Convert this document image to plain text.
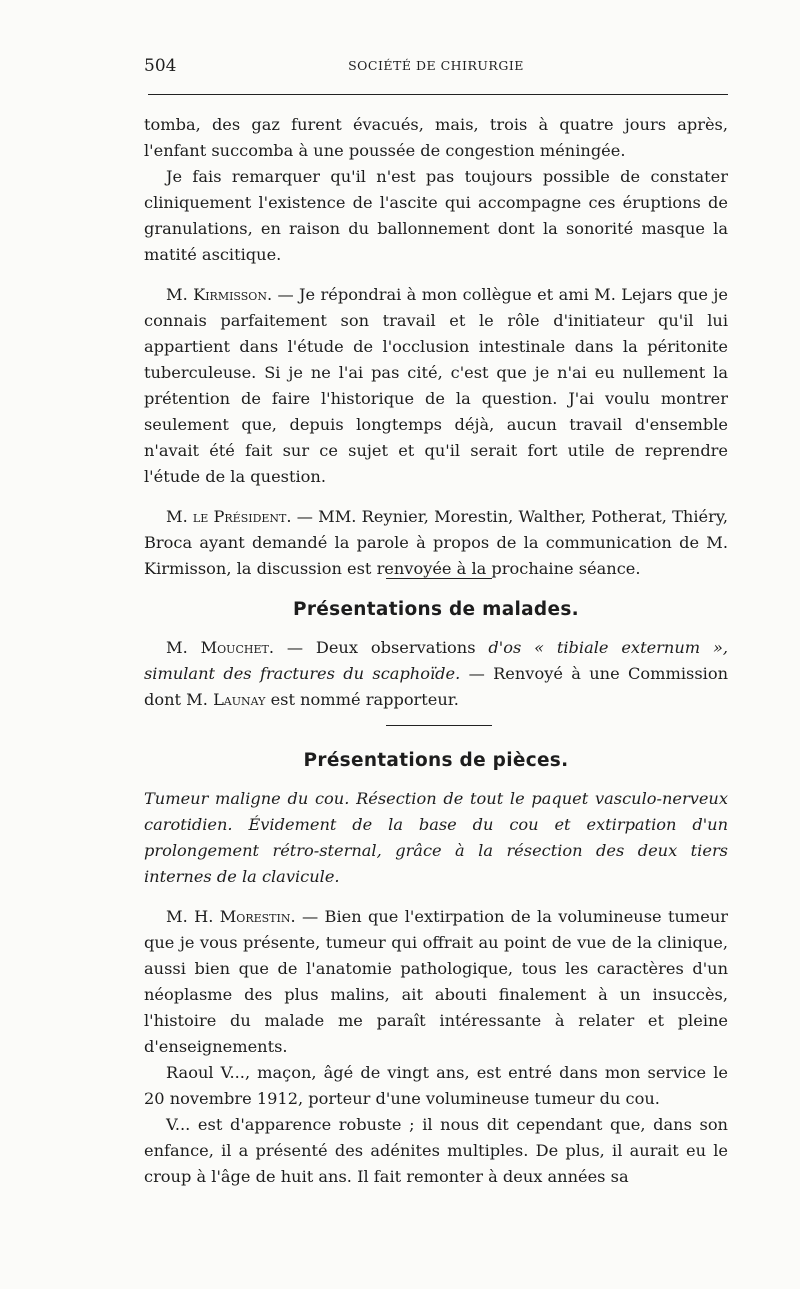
504	SOCIÉTÉ DE CHIRURGIE

tomba, des gaz furent évacués, mais, trois à quatre jours après, l'enfant succomba à une poussée de congestion méningée.

Je fais remarquer qu'il n'est pas toujours possible de constater cliniquement l'existence de l'ascite qui accompagne ces éruptions de granulations, en raison du ballonnement dont la sonorité masque la matité ascitique.

M. Kirmisson. — Je répondrai à mon collègue et ami M. Lejars que je connais parfaitement son travail et le rôle d'initiateur qu'il lui appartient dans l'étude de l'occlusion intestinale dans la péritonite tuberculeuse. Si je ne l'ai pas cité, c'est que je n'ai eu nullement la prétention de faire l'historique de la question. J'ai voulu montrer seulement que, depuis longtemps déjà, aucun travail d'ensemble n'avait été fait sur ce sujet et qu'il serait fort utile de reprendre l'étude de la question.

M. le Président. — MM. Reynier, Morestin, Walther, Potherat, Thiéry, Broca ayant demandé la parole à propos de la communication de M. Kirmisson, la discussion est renvoyée à la prochaine séance.

Présentations de malades.

M. Mouchet. — Deux observations d'os « tibiale externum », simulant des fractures du scaphoïde. — Renvoyé à une Commission dont M. Launay est nommé rapporteur.

Présentations de pièces.

Tumeur maligne du cou. Résection de tout le paquet vasculo-nerveux carotidien. Évidement de la base du cou et extirpation d'un prolongement rétro-sternal, grâce à la résection des deux tiers internes de la clavicule.

M. H. Morestin. — Bien que l'extirpation de la volumineuse tumeur que je vous présente, tumeur qui offrait au point de vue de la clinique, aussi bien que de l'anatomie pathologique, tous les caractères d'un néoplasme des plus malins, ait abouti finalement à un insuccès, l'histoire du malade me paraît intéressante à relater et pleine d'enseignements.

Raoul V..., maçon, âgé de vingt ans, est entré dans mon service le 20 novembre 1912, porteur d'une volumineuse tumeur du cou.

V... est d'apparence robuste ; il nous dit cependant que, dans son enfance, il a présenté des adénites multiples. De plus, il aurait eu le croup à l'âge de huit ans. Il fait remonter à deux années sa
